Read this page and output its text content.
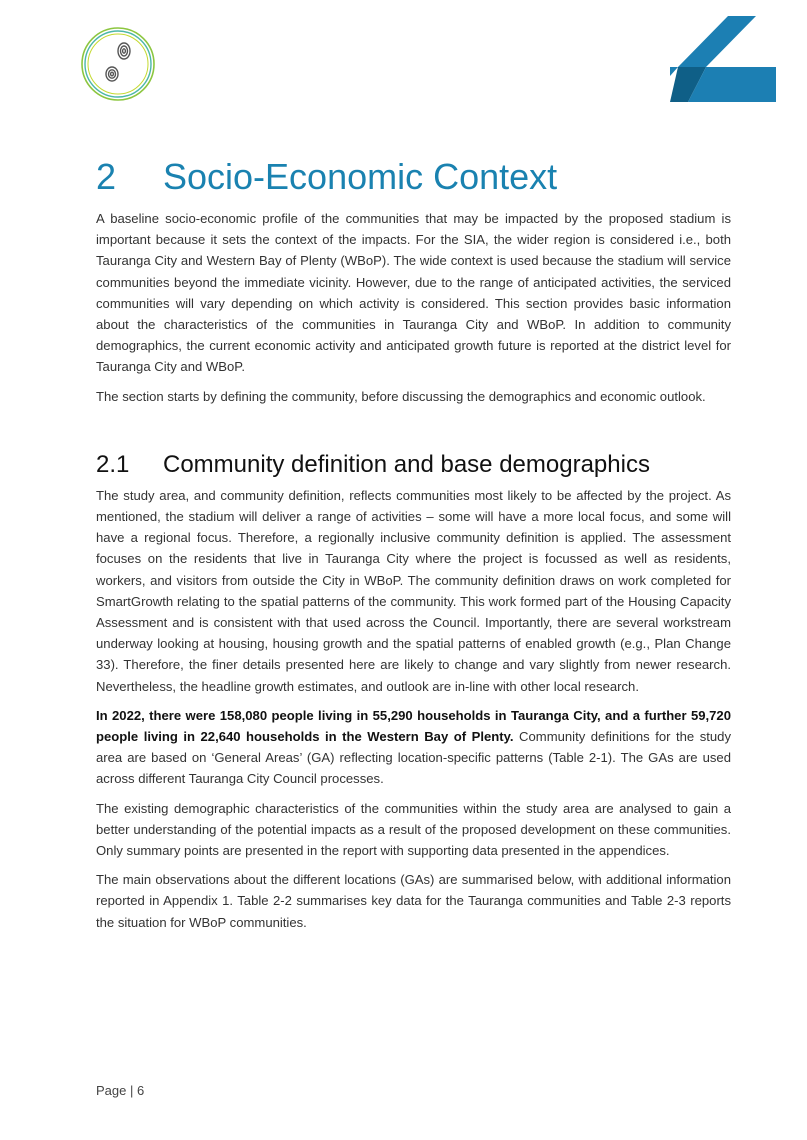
2	Socio-Economic Context

A baseline socio-economic profile of the communities that may be impacted by the proposed stadium is important because it sets the context of the impacts. For the SIA, the wider region is considered i.e., both Tauranga City and Western Bay of Plenty (WBoP). The wide context is used because the stadium will service communities beyond the immediate vicinity. However, due to the range of anticipated activities, the serviced communities will vary depending on which activity is considered. This section provides basic information about the characteristics of the communities in Tauranga City and WBoP. In addition to community demographics, the current economic activity and anticipated growth future is reported at the district level for Tauranga City and WBoP.

The section starts by defining the community, before discussing the demographics and economic outlook.

2.1	Community definition and base demographics

The study area, and community definition, reflects communities most likely to be affected by the project. As mentioned, the stadium will deliver a range of activities – some will have a more local focus, and some will have a regional focus. Therefore, a regionally inclusive community definition is applied. The assessment focuses on the residents that live in Tauranga City where the project is focussed as well as residents, workers, and visitors from outside the City in WBoP. The community definition draws on work completed for SmartGrowth relating to the spatial patterns of the community. This work formed part of the Housing Capacity Assessment and is consistent with that used across the Council. Importantly, there are several workstream underway looking at housing, housing growth and the spatial patterns of enabled growth (e.g., Plan Change 33). Therefore, the finer details presented here are likely to change and vary slightly from newer research. Nevertheless, the headline growth estimates, and outlook are in-line with other local research.

In 2022, there were 158,080 people living in 55,290 households in Tauranga City, and a further 59,720 people living in 22,640 households in the Western Bay of Plenty. Community definitions for the study area are based on ‘General Areas’ (GA) reflecting location-specific patterns (Table 2-1). The GAs are used across different Tauranga City Council processes.

The existing demographic characteristics of the communities within the study area are analysed to gain a better understanding of the potential impacts as a result of the proposed development on these communities. Only summary points are presented in the report with supporting data presented in the appendices.

The main observations about the different locations (GAs) are summarised below, with additional information reported in Appendix 1. Table 2-2 summarises key data for the Tauranga communities and Table 2-3 reports the situation for WBoP communities.

Page | 6
